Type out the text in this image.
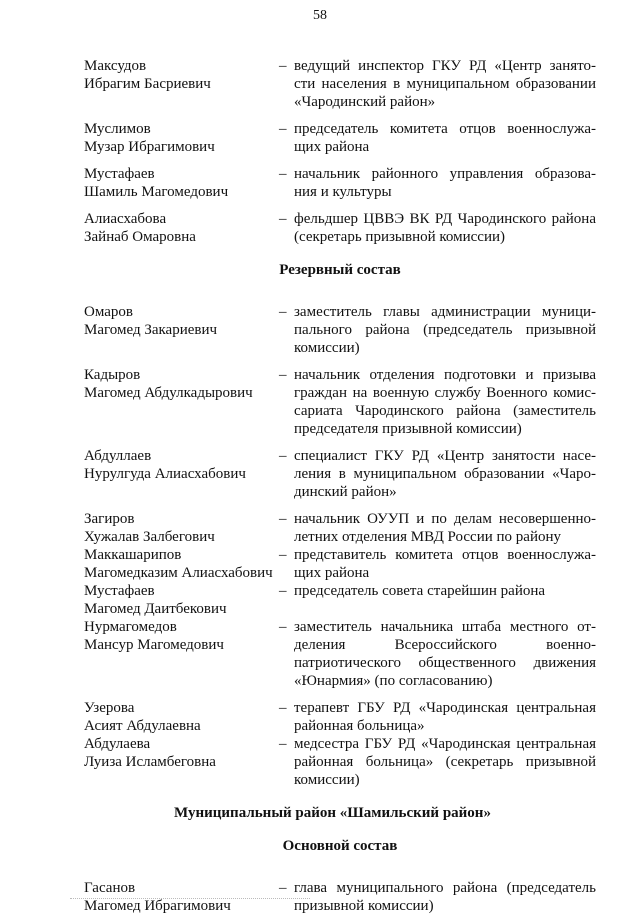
58
Максудов
Ибрагим Басриевич
– ведущий инспектор ГКУ РД «Центр занято-
сти населения в муниципальном образовании
«Чародинский район»
Муслимов
Музар Ибрагимович
– председатель комитета отцов военнослужа-
щих района
Мустафаев
Шамиль Магомедович
– начальник районного управления образова-
ния и культуры
Алиасхабова
Зайнаб Омаровна
– фельдшер ЦВВЭ ВК РД Чародинского района
(секретарь призывной комиссии)
Резервный состав
Омаров
Магомед Закариевич
– заместитель главы администрации муници-
пального района (председатель призывной
комиссии)
Кадыров
Магомед Абдулкадырович
– начальник отделения подготовки и призыва
граждан на военную службу Военного комис-
сариата Чародинского района (заместитель
председателя призывной комиссии)
Абдуллаев
Нурулгуда Алиасхабович
– специалист ГКУ РД «Центр занятости насе-
ления в муниципальном образовании «Чаро-
динский район»
Загиров
Хужалав Залбегович
– начальник ОУУП и по делам несовершенно-
летних отделения МВД России по району
Маккашарипов
Магомедказим Алиасхабович
– представитель комитета отцов военнослужа-
щих района
Мустафаев
Магомед Даитбекович
– председатель совета старейшин района
Нурмагомедов
Мансур Магомедович
– заместитель начальника штаба местного от-
деления Всероссийского военно-
патриотического общественного движения
«Юнармия» (по согласованию)
Узерова
Асият Абдулаевна
– терапевт ГБУ РД «Чародинская центральная
районная больница»
Абдулаева
Луиза Исламбеговна
– медсестра ГБУ РД «Чародинская центральная
районная больница» (секретарь призывной
комиссии)
Муниципальный район «Шамильский район»
Основной состав
Гасанов
Магомед Ибрагимович
– глава муниципального района (председатель
призывной комиссии)
